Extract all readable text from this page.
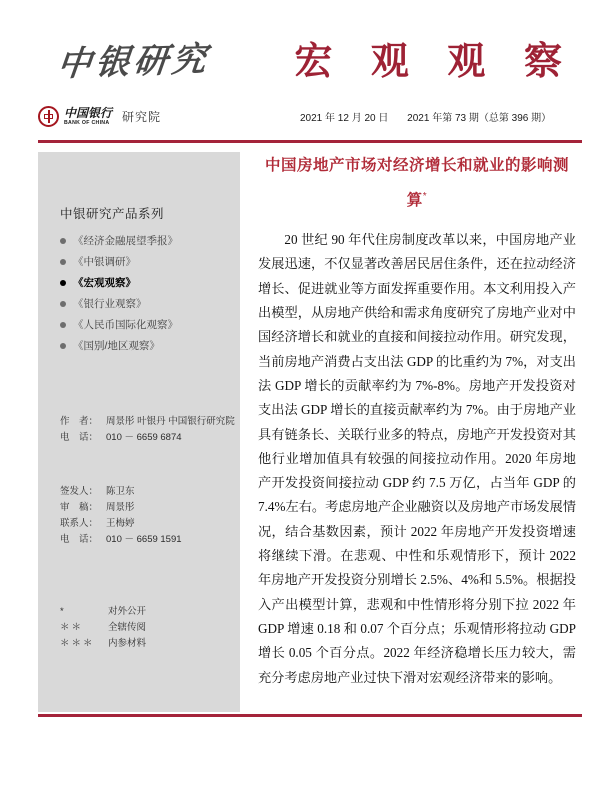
中银研究 宏 观 观 察
中国银行
BANK OF CHINA 研究院	2021 年 12 月 20 日 2021 年第 73 期（总第 396 期）
中银研究产品系列
《经济金融展望季报》
《中银调研》
《宏观观察》
《银行业观察》
《人民币国际化观察》
《国别/地区观察》
作　者： 周景彤 叶银丹 中国银行研究院
电　话： 010 － 6659 6874
签发人： 陈卫东
审　稿： 周景彤
联系人： 王梅婷
电　话： 010 － 6659 1591
*	对外公开
＊＊	全辖传阅
＊＊＊	内参材料
中国房地产市场对经济增长和就业的影响测算*

20 世纪 90 年代住房制度改革以来，中国房地产业发展迅速，不仅显著改善居民居住条件，还在拉动经济增长、促进就业等方面发挥重要作用。本文利用投入产出模型，从房地产供给和需求角度研究了房地产业对中国经济增长和就业的直接和间接拉动作用。研究发现，当前房地产消费占支出法 GDP 的比重约为 7%，对支出法 GDP 增长的贡献率约为 7%-8%。房地产开发投资对支出法 GDP 增长的直接贡献率约为 7%。由于房地产业具有链条长、关联行业多的特点，房地产开发投资对其他行业增加值具有较强的间接拉动作用。2020 年房地产开发投资间接拉动 GDP 约 7.5 万亿，占当年 GDP 的 7.4%左右。考虑房地产企业融资以及房地产市场发展情况，结合基数因素，预计 2022 年房地产开发投资增速将继续下滑。在悲观、中性和乐观情形下，预计 2022 年房地产开发投资分别增长 2.5%、4%和 5.5%。根据投入产出模型计算，悲观和中性情形将分别下拉 2022 年 GDP 增速 0.18 和 0.07 个百分点；乐观情形将拉动 GDP 增长 0.05 个百分点。2022 年经济稳增长压力较大，需充分考虑房地产业过快下滑对宏观经济带来的影响。
